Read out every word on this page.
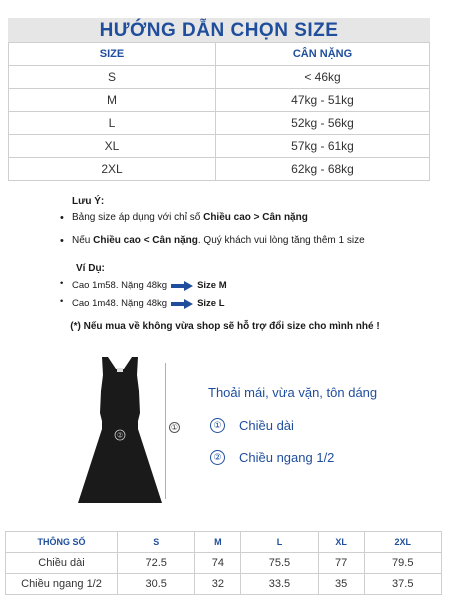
HƯỚNG DẪN CHỌN SIZE
SIZE	CÂN NẶNG
S	< 46kg
M	47kg - 51kg
L	52kg - 56kg
XL	57kg - 61kg
2XL	62kg - 68kg
Lưu Ý:
• Bảng size áp dụng với chỉ số Chiều cao > Cân nặng
• Nếu Chiều cao < Cân nặng. Quý khách vui lòng tăng thêm 1 size
Ví Dụ:
• Cao 1m58. Nặng 48kg	Size M
• Cao 1m48. Nặng 48kg	Size L
(*) Nếu mua về không vừa shop sẽ hỗ trợ đổi size cho mình nhé !
②
①
Thoải mái, vừa vặn, tôn dáng
① Chiều dài
② Chiều ngang 1/2
THÔNG SỐ	S	M	L	XL	2XL
Chiều dài	72.5	74	75.5	77	79.5
Chiều ngang 1/2	30.5	32	33.5	35	37.5
